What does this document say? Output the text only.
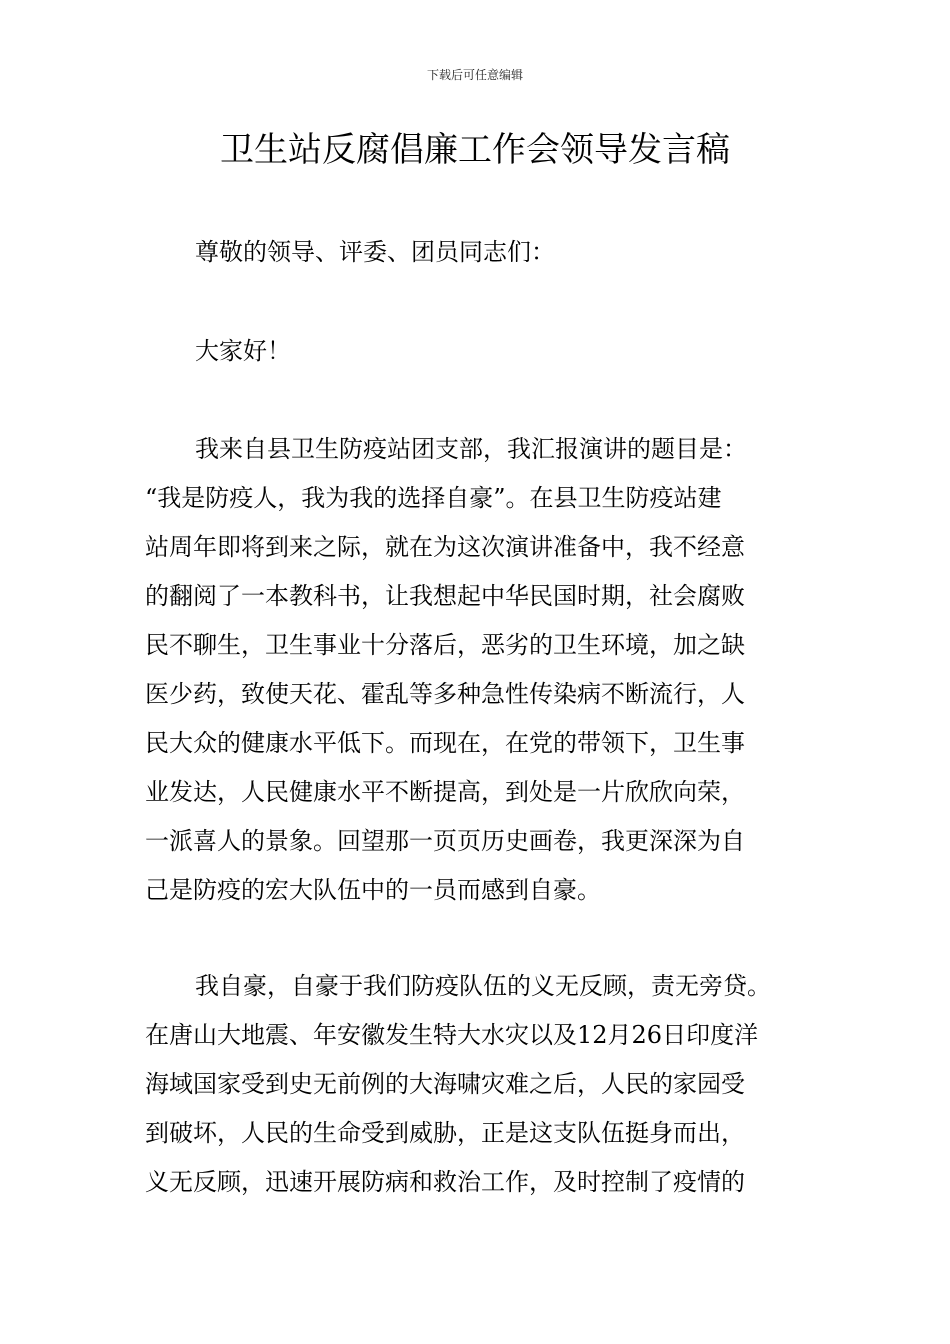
下载后可任意编辑
卫生站反腐倡廉工作会领导发言稿
尊敬的领导、评委、团员同志们：
大家好！
我来自县卫生防疫站团支部，我汇报演讲的题目是：
“我是防疫人，我为我的选择自豪”。在县卫生防疫站建
站周年即将到来之际，就在为这次演讲准备中，我不经意
的翻阅了一本教科书，让我想起中华民国时期，社会腐败
民不聊生，卫生事业十分落后，恶劣的卫生环境，加之缺
医少药，致使天花、霍乱等多种急性传染病不断流行，人
民大众的健康水平低下。而现在，在党的带领下，卫生事
业发达，人民健康水平不断提高，到处是一片欣欣向荣，
一派喜人的景象。回望那一页页历史画卷，我更深深为自
己是防疫的宏大队伍中的一员而感到自豪。
我自豪，自豪于我们防疫队伍的义无反顾，责无旁贷。
在唐山大地震、年安徽发生特大水灾以及12月26日印度洋
海域国家受到史无前例的大海啸灾难之后，人民的家园受
到破坏，人民的生命受到威胁，正是这支队伍挺身而出，
义无反顾，迅速开展防病和救治工作，及时控制了疫情的
